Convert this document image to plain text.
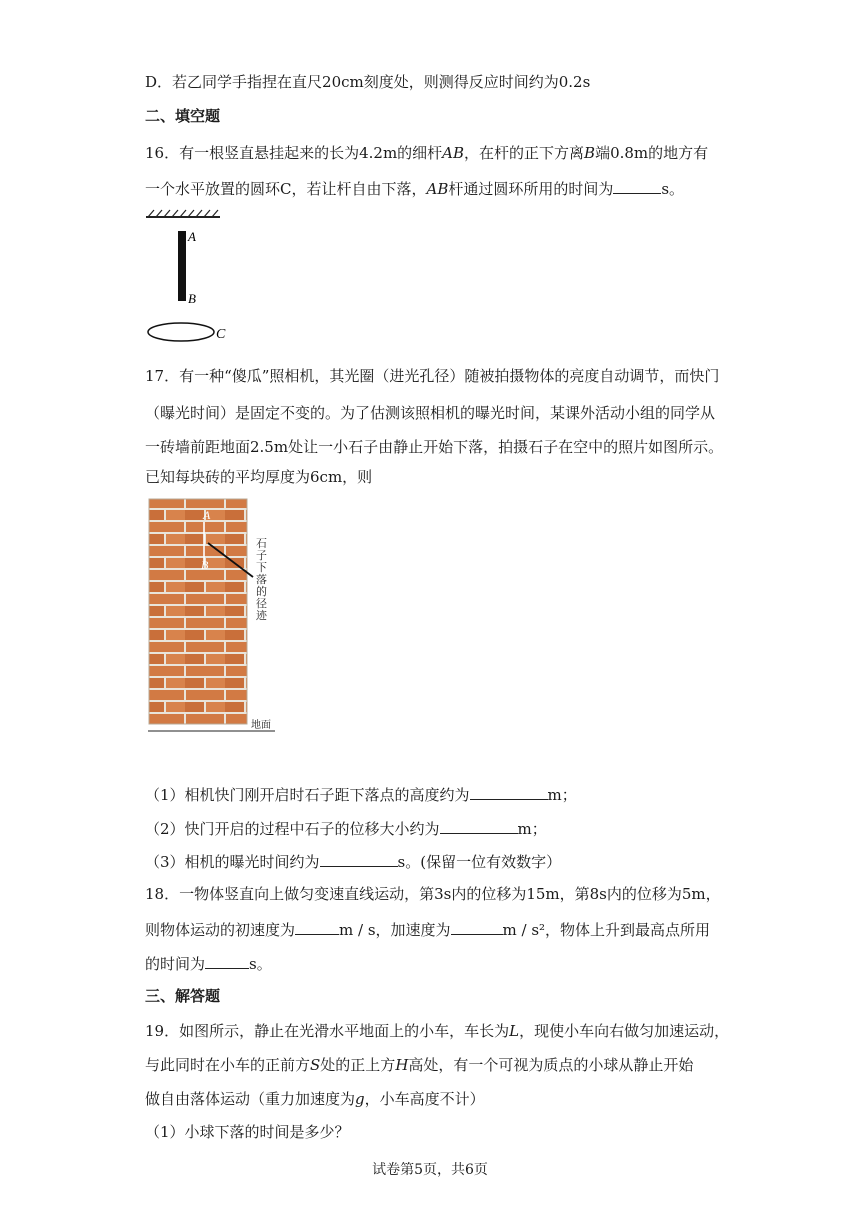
D．若乙同学手指捏在直尺20cm刻度处，则测得反应时间约为0.2s
二、填空题
16．有一根竖直悬挂起来的长为4.2m的细杆AB，在杆的正下方离B端0.8m的地方有
一个水平放置的圆环C，若让杆自由下落，AB杆通过圆环所用的时间为	s。
A
B
C
17．有一种“傻瓜”照相机，其光圈（进光孔径）随被拍摄物体的亮度自动调节，而快门
（曝光时间）是固定不变的。为了估测该照相机的曝光时间，某课外活动小组的同学从
一砖墙前距地面2.5m处让一小石子由静止开始下落，拍摄石子在空中的照片如图所示。
已知每块砖的平均厚度为6cm，则
A
B
地面
石子下落的径迹
（1）相机快门刚开启时石子距下落点的高度约为	m；
（2）快门开启的过程中石子的位移大小约为	m；
（3）相机的曝光时间约为	s。(保留一位有效数字）
18．一物体竖直向上做匀变速直线运动，第3s内的位移为15m，第8s内的位移为5m，
则物体运动的初速度为	m / s，加速度为	m / s²，物体上升到最高点所用
的时间为	s。
三、解答题
19．如图所示，静止在光滑水平地面上的小车，车长为L，现使小车向右做匀加速运动，
与此同时在小车的正前方S处的正上方H高处，有一个可视为质点的小球从静止开始
做自由落体运动（重力加速度为g，小车高度不计）
（1）小球下落的时间是多少？
试卷第5页，共6页
